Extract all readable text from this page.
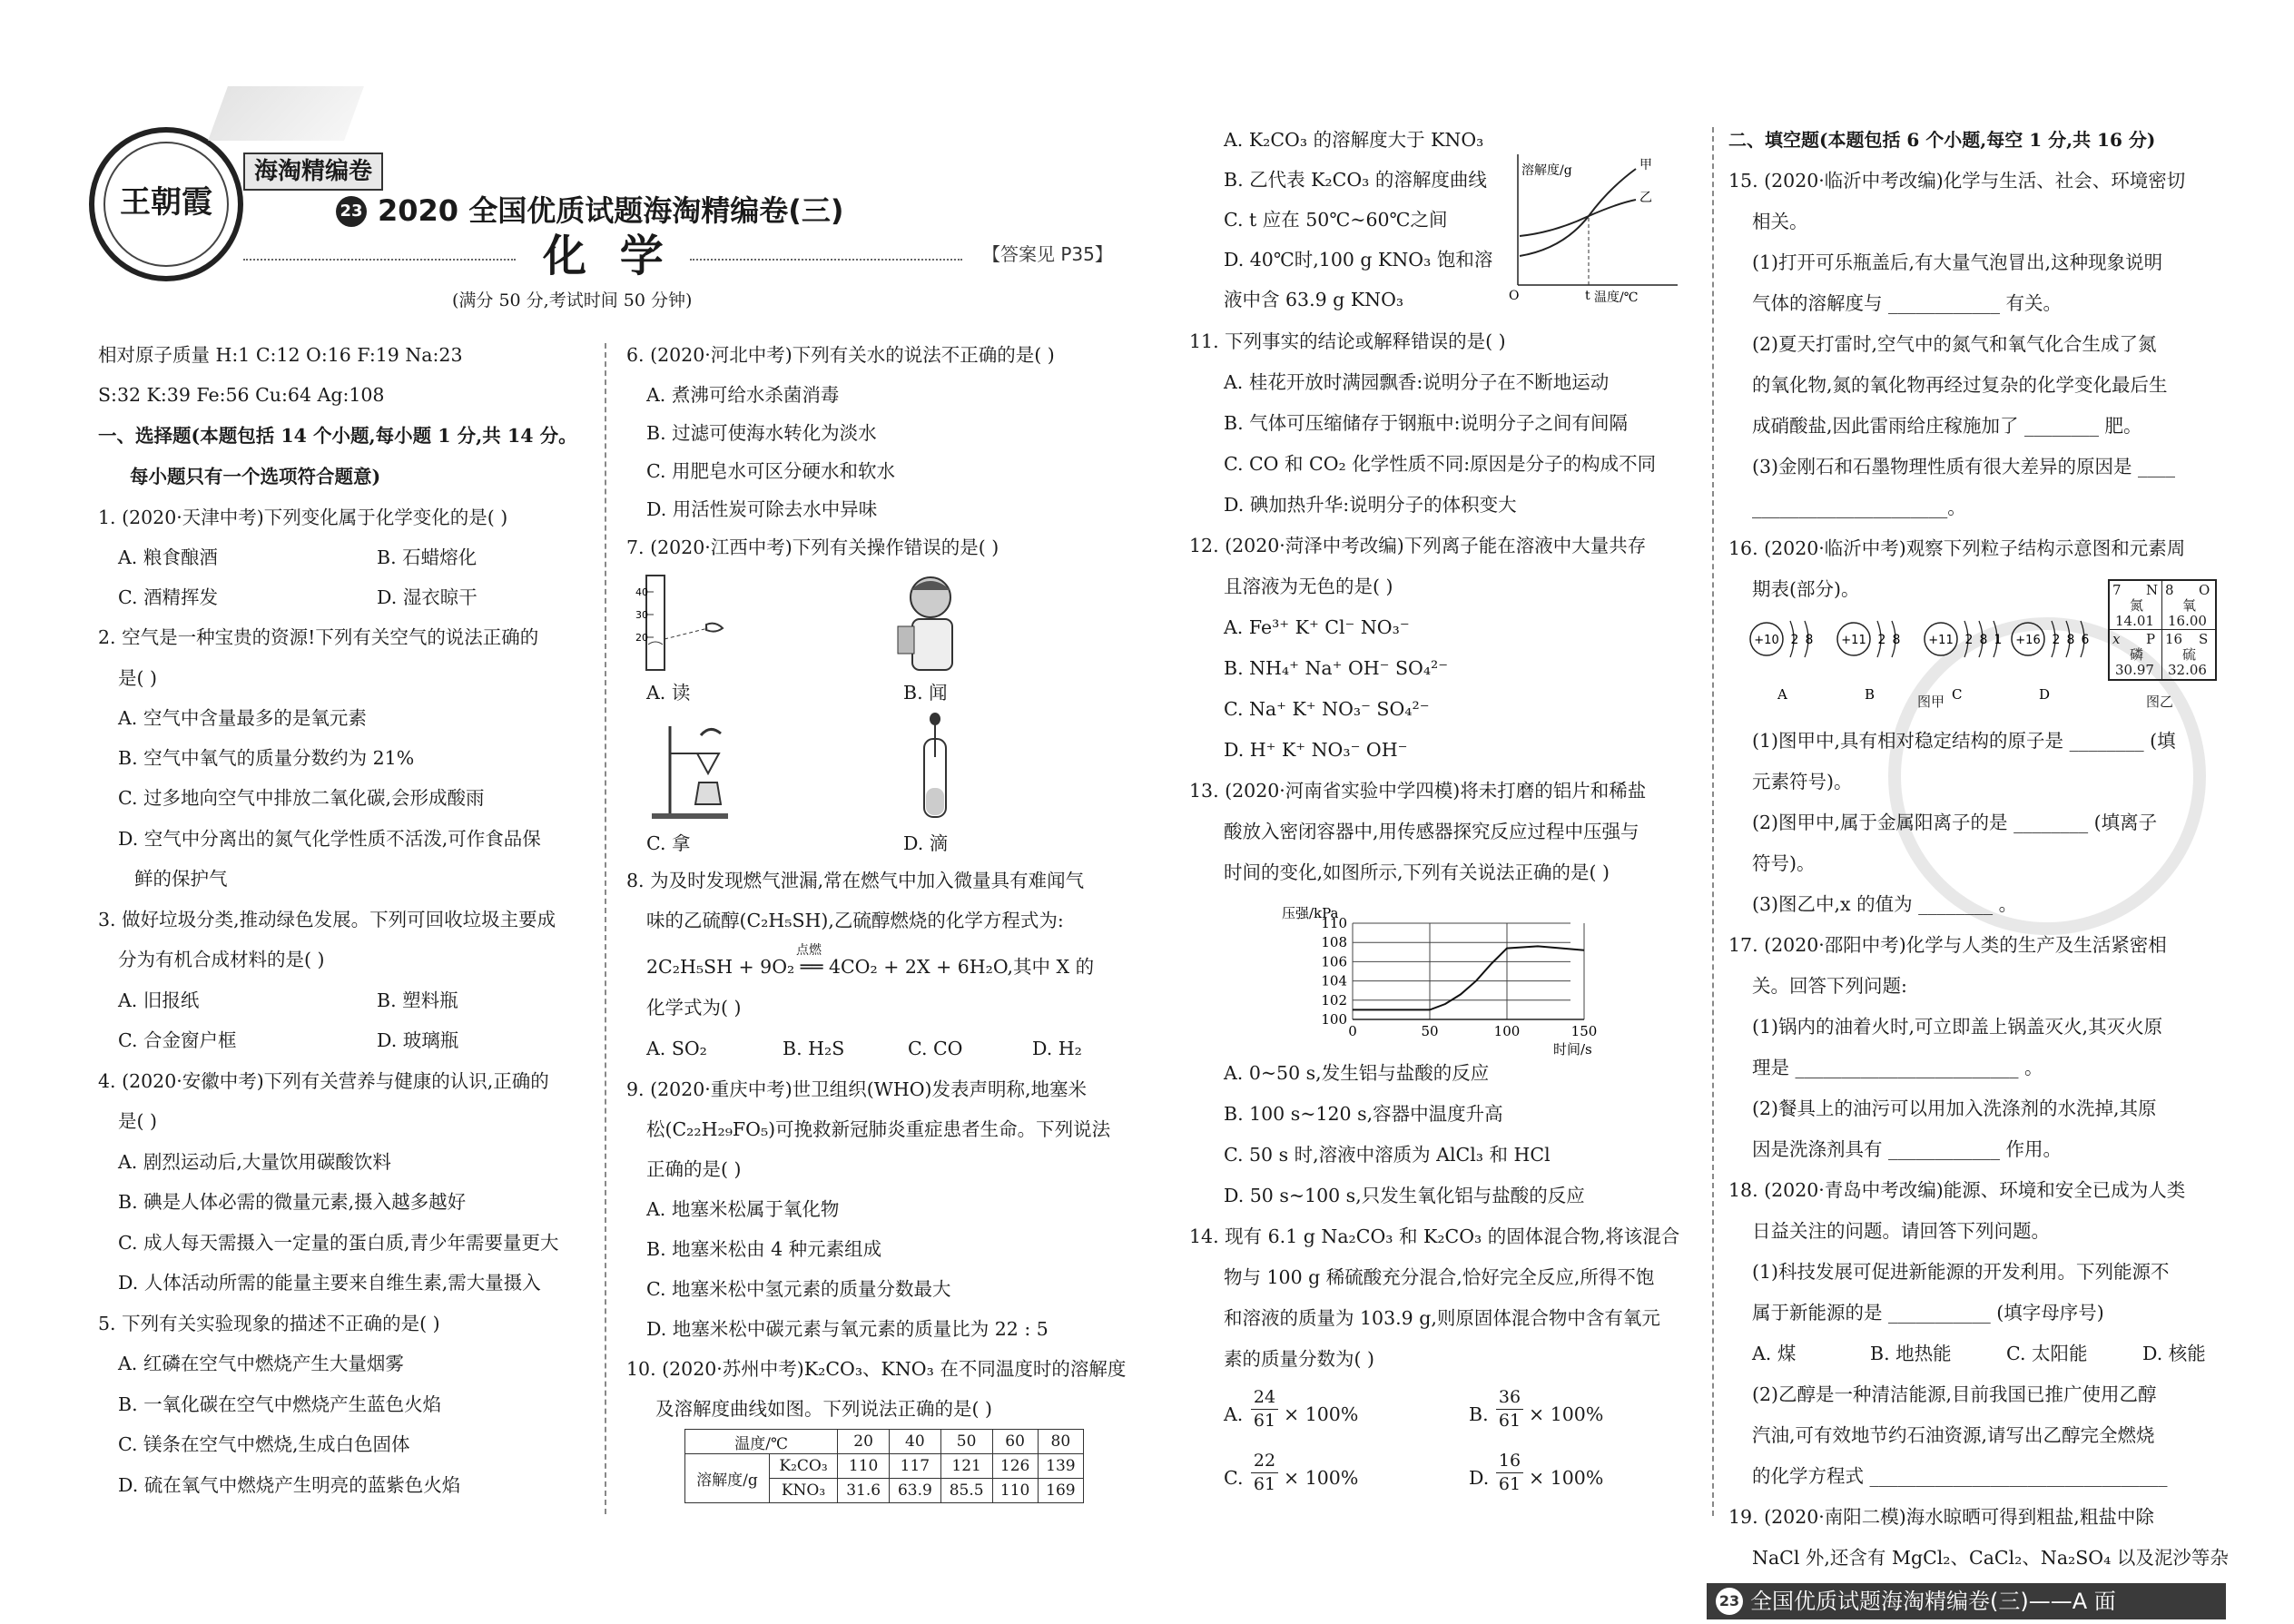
王朝霞
海淘精编卷
23 2020 全国优质试题海淘精编卷(三)
化 学	【答案见 P35】
(满分 50 分,考试时间 50 分钟)
相对原子质量 H:1 C:12 O:16 F:19 Na:23
S:32 K:39 Fe:56 Cu:64 Ag:108
一、选择题(本题包括 14 个小题,每小题 1 分,共 14 分。
每小题只有一个选项符合题意)
1. (2020·天津中考)下列变化属于化学变化的是( )
A. 粮食酿酒	B. 石蜡熔化
C. 酒精挥发	D. 湿衣晾干
2. 空气是一种宝贵的资源!下列有关空气的说法正确的
是( )
A. 空气中含量最多的是氧元素
B. 空气中氧气的质量分数约为 21%
C. 过多地向空气中排放二氧化碳,会形成酸雨
D. 空气中分离出的氮气化学性质不活泼,可作食品保
鲜的保护气
3. 做好垃圾分类,推动绿色发展。下列可回收垃圾主要成
分为有机合成材料的是( )
A. 旧报纸	B. 塑料瓶
C. 合金窗户框	D. 玻璃瓶
4. (2020·安徽中考)下列有关营养与健康的认识,正确的
是( )
A. 剧烈运动后,大量饮用碳酸饮料
B. 碘是人体必需的微量元素,摄入越多越好
C. 成人每天需摄入一定量的蛋白质,青少年需要量更大
D. 人体活动所需的能量主要来自维生素,需大量摄入
5. 下列有关实验现象的描述不正确的是( )
A. 红磷在空气中燃烧产生大量烟雾
B. 一氧化碳在空气中燃烧产生蓝色火焰
C. 镁条在空气中燃烧,生成白色固体
D. 硫在氧气中燃烧产生明亮的蓝紫色火焰
6. (2020·河北中考)下列有关水的说法不正确的是( )
A. 煮沸可给水杀菌消毒
B. 过滤可使海水转化为淡水
C. 用肥皂水可区分硬水和软水
D. 用活性炭可除去水中异味
7. (2020·江西中考)下列有关操作错误的是( )
40
30
20
A. 读	B. 闻
C. 拿	D. 滴
8. 为及时发现燃气泄漏,常在燃气中加入微量具有难闻气
味的乙硫醇(C₂H₅SH),乙硫醇燃烧的化学方程式为:
2C₂H₅SH + 9O₂ ══ 4CO₂ + 2X + 6H₂O,其中 X 的
点燃
化学式为( )
A. SO₂	B. H₂S	C. CO	D. H₂
9. (2020·重庆中考)世卫组织(WHO)发表声明称,地塞米
松(C₂₂H₂₉FO₅)可挽救新冠肺炎重症患者生命。下列说法
正确的是( )
A. 地塞米松属于氧化物
B. 地塞米松由 4 种元素组成
C. 地塞米松中氢元素的质量分数最大
D. 地塞米松中碳元素与氧元素的质量比为 22 : 5
10. (2020·苏州中考)K₂CO₃、KNO₃ 在不同温度时的溶解度
及溶解度曲线如图。下列说法正确的是( )
温度/℃		20	40	50	60	80
溶解度/g	K₂CO₃	110	117	121	126	139
	KNO₃	31.6	63.9	85.5	110	169
A. K₂CO₃ 的溶解度大于 KNO₃
B. 乙代表 K₂CO₃ 的溶解度曲线
C. t 应在 50℃~60℃之间
D. 40℃时,100 g KNO₃ 饱和溶
液中含 63.9 g KNO₃
溶解度/g
温度/℃
O	t
甲
乙
11. 下列事实的结论或解释错误的是( )
A. 桂花开放时满园飘香:说明分子在不断地运动
B. 气体可压缩储存于钢瓶中:说明分子之间有间隔
C. CO 和 CO₂ 化学性质不同:原因是分子的构成不同
D. 碘加热升华:说明分子的体积变大
12. (2020·菏泽中考改编)下列离子能在溶液中大量共存
且溶液为无色的是( )
A. Fe³⁺ K⁺ Cl⁻ NO₃⁻
B. NH₄⁺ Na⁺ OH⁻ SO₄²⁻
C. Na⁺ K⁺ NO₃⁻ SO₄²⁻
D. H⁺ K⁺ NO₃⁻ OH⁻
13. (2020·河南省实验中学四模)将未打磨的铝片和稀盐
酸放入密闭容器中,用传感器探究反应过程中压强与
时间的变化,如图所示,下列有关说法正确的是( )
压强/kPa
100
102
104
106
108
110
0	50	100	150
时间/s
A. 0~50 s,发生铝与盐酸的反应
B. 100 s~120 s,容器中温度升高
C. 50 s 时,溶液中溶质为 AlCl₃ 和 HCl
D. 50 s~100 s,只发生氧化铝与盐酸的反应
14. 现有 6.1 g Na₂CO₃ 和 K₂CO₃ 的固体混合物,将该混合
物与 100 g 稀硫酸充分混合,恰好完全反应,所得不饱
和溶液的质量为 103.9 g,则原固体混合物中含有氧元
素的质量分数为( )
A.
24
61 × 100%	B.
36
61 × 100%
C.
22
61 × 100%	D.
16
61 × 100%
二、填空题(本题包括 6 个小题,每空 1 分,共 16 分)
15. (2020·临沂中考改编)化学与生活、社会、环境密切
相关。
(1)打开可乐瓶盖后,有大量气泡冒出,这种现象说明
气体的溶解度与 ____________ 有关。
(2)夏天打雷时,空气中的氮气和氧气化合生成了氮
的氧化物,氮的氧化物再经过复杂的化学变化最后生
成硝酸盐,因此雷雨给庄稼施加了 ________ 肥。
(3)金刚石和石墨物理性质有很大差异的原因是 ____
_____________________。
16. (2020·临沂中考)观察下列粒子结构示意图和元素周
期表(部分)。
+10 2 8
A
+11 2 8
B
+11 2 8 1
C
+16 2 8 6
D
图甲
7 N
氮
14.01
8 O
氧
16.00
x P
磷
30.97
16 S
硫
32.06
图乙
(1)图甲中,具有相对稳定结构的原子是 ________ (填
元素符号)。
(2)图甲中,属于金属阳离子的是 ________ (填离子
符号)。
(3)图乙中,x 的值为 ________ 。
17. (2020·邵阳中考)化学与人类的生产及生活紧密相
关。回答下列问题:
(1)锅内的油着火时,可立即盖上锅盖灭火,其灭火原
理是 ________________________ 。
(2)餐具上的油污可以用加入洗涤剂的水洗掉,其原
因是洗涤剂具有 ____________ 作用。
18. (2020·青岛中考改编)能源、环境和安全已成为人类
日益关注的问题。请回答下列问题。
(1)科技发展可促进新能源的开发利用。下列能源不
属于新能源的是 ___________ (填字母序号)
A. 煤	B. 地热能	C. 太阳能	D. 核能
(2)乙醇是一种清洁能源,目前我国已推广使用乙醇
汽油,可有效地节约石油资源,请写出乙醇完全燃烧
的化学方程式 ________________________________
19. (2020·南阳二模)海水晾晒可得到粗盐,粗盐中除
NaCl 外,还含有 MgCl₂、CaCl₂、Na₂SO₄ 以及泥沙等杂
23 全国优质试题海淘精编卷(三)——A 面
